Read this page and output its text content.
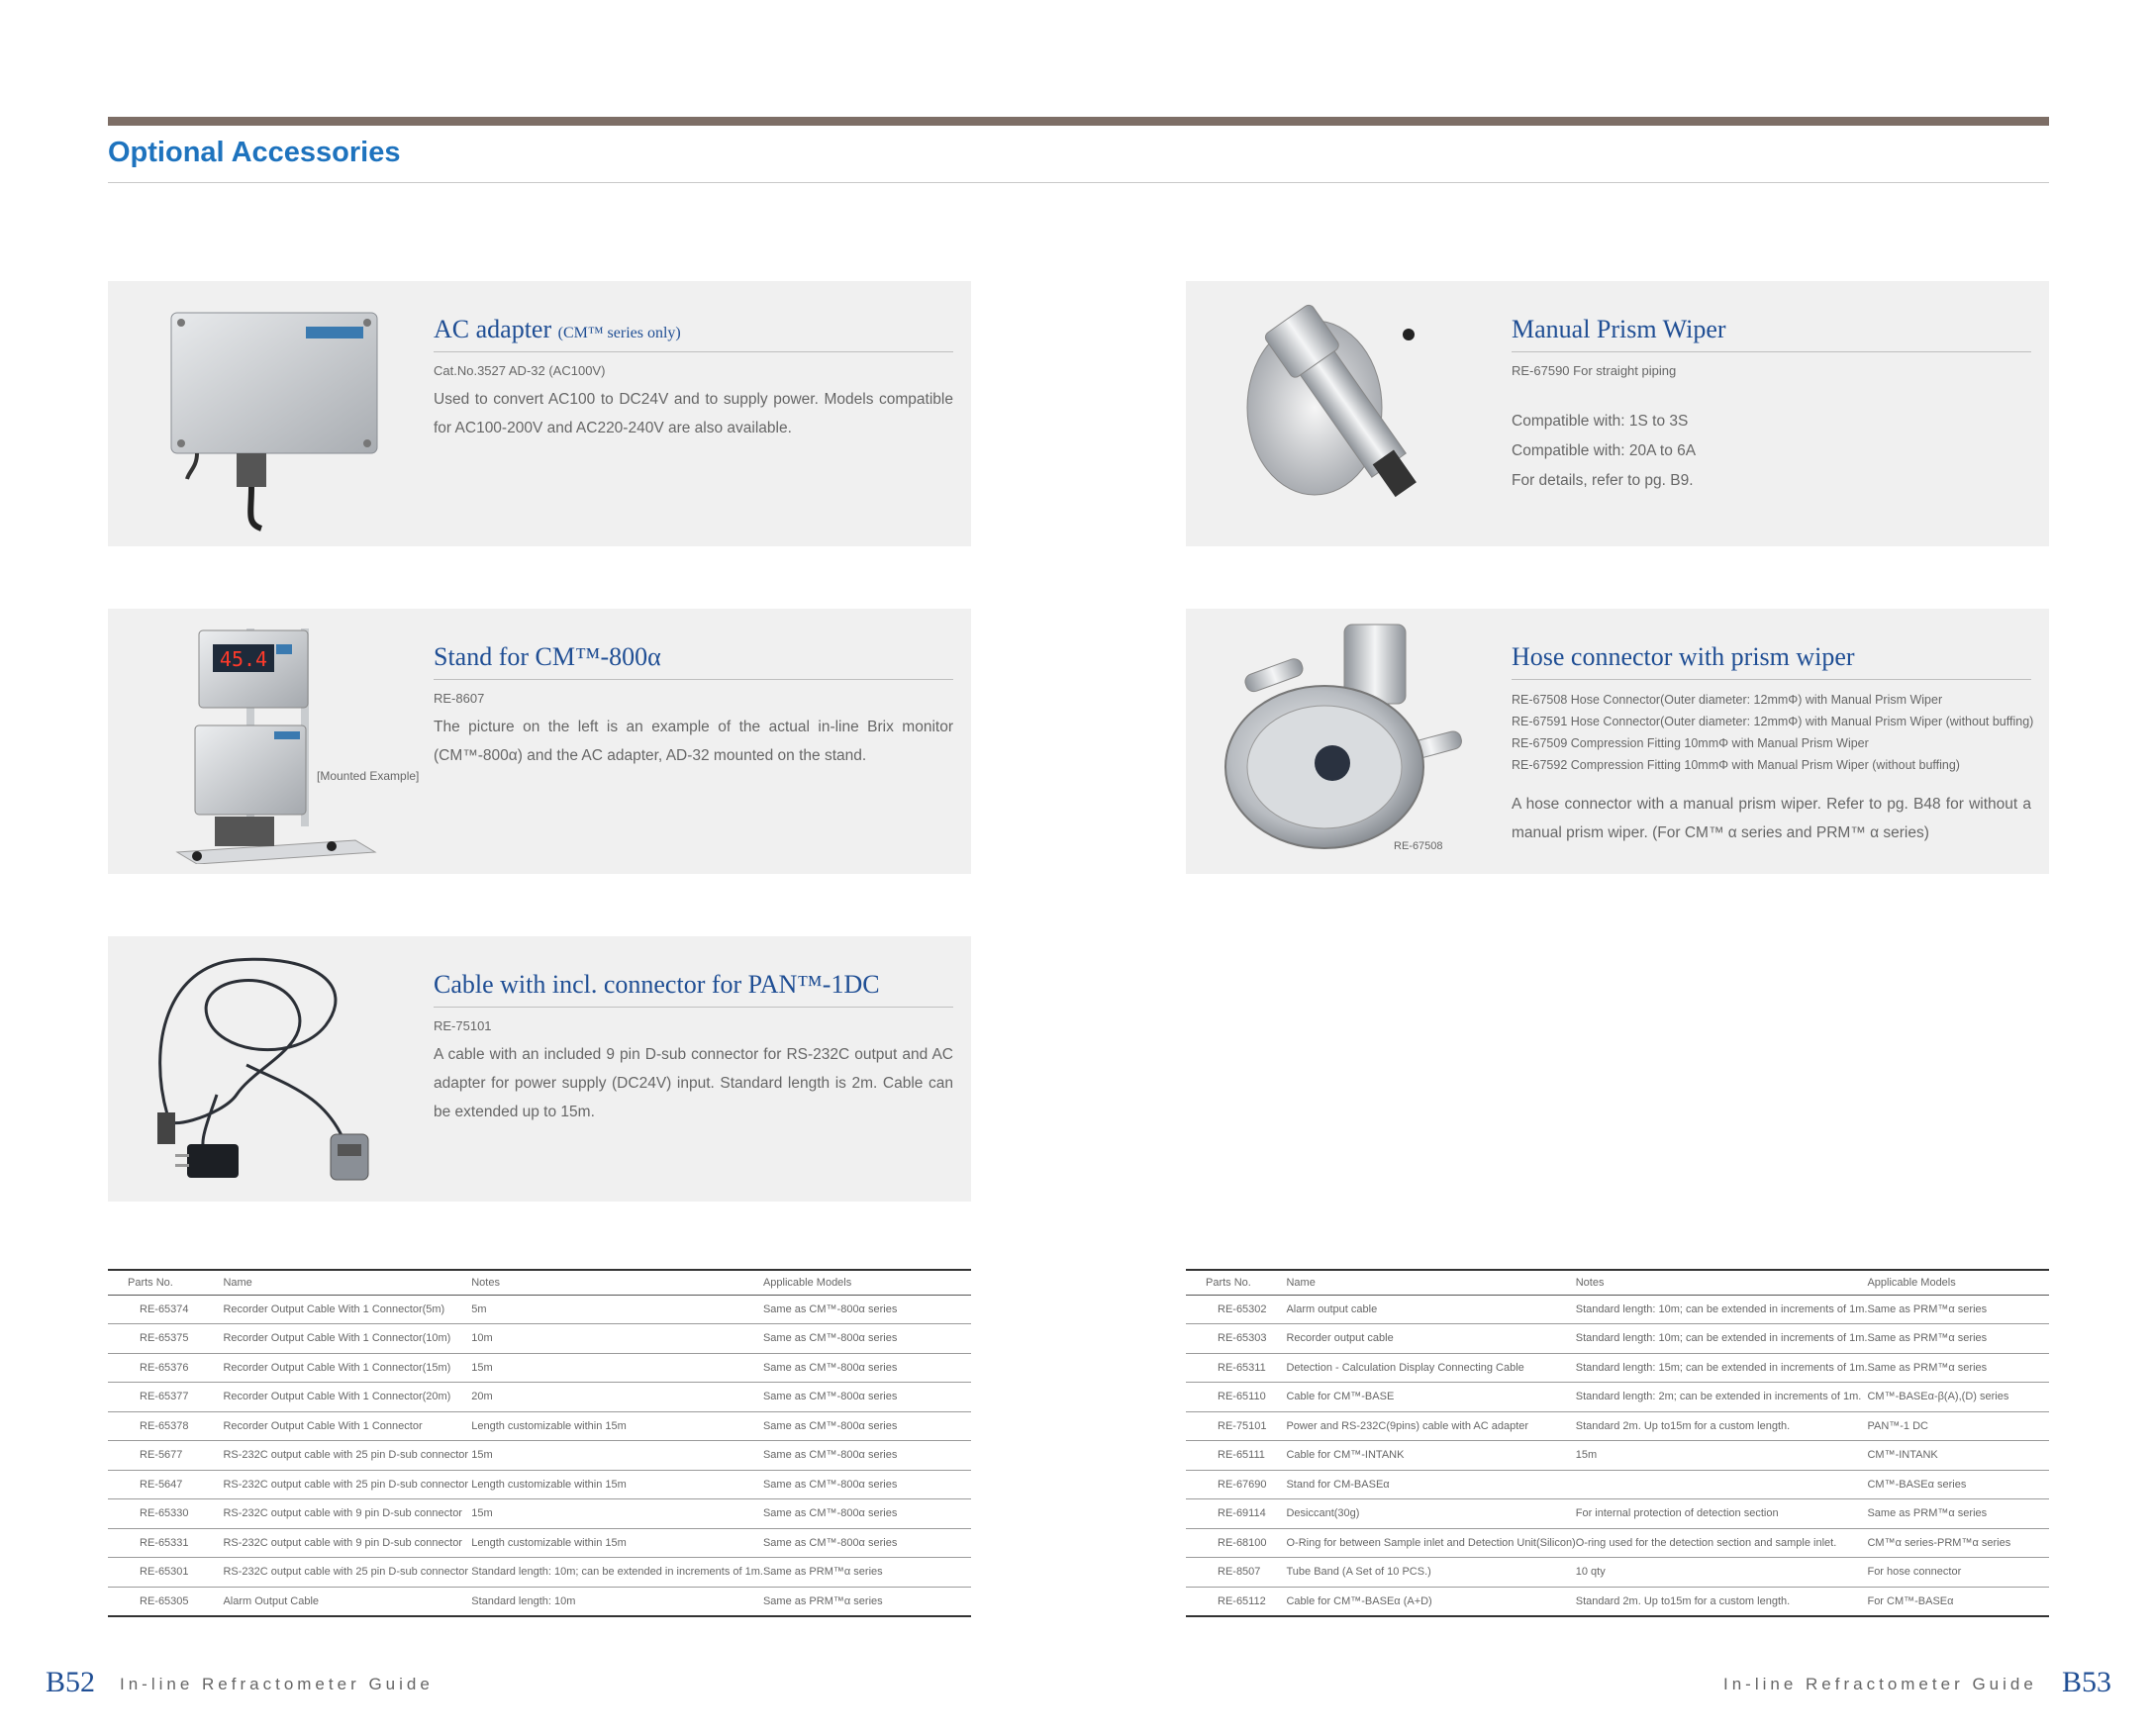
Optional Accessories
AC adapter (CM™ series only)
Cat.No.3527 AD-32 (AC100V)
Used to convert AC100 to DC24V and to supply power. Models compatible for AC100-200V and AC220-240V are also available.
Manual Prism Wiper
RE-67590 For straight piping
Compatible with: 1S to 3S
Compatible with: 20A to 6A
For details, refer to pg. B9.
45.4
[Mounted Example]
Stand for CM™-800α
RE-8607
The picture on the left is an example of the actual in-line Brix monitor (CM™-800α) and the AC adapter, AD-32 mounted on the stand.
RE-67508
Hose connector with prism wiper
RE-67508 Hose Connector(Outer diameter: 12mmΦ) with Manual Prism Wiper
RE-67591 Hose Connector(Outer diameter: 12mmΦ) with Manual Prism Wiper (without buffing)
RE-67509 Compression Fitting 10mmΦ with Manual Prism Wiper
RE-67592 Compression Fitting 10mmΦ with Manual Prism Wiper (without buffing)
A hose connector with a manual prism wiper. Refer to pg. B48 for without a manual prism wiper. (For CM™ α series and PRM™ α series)
Cable with incl. connector for PAN™-1DC
RE-75101
A cable with an included 9 pin D-sub connector for RS-232C output and AC adapter for power supply (DC24V) input. Standard length is 2m. Cable can be extended up to 15m.
Parts No.	Name	Notes	Applicable Models
RE-65374	Recorder Output Cable With 1 Connector(5m)	5m	Same as CM™-800α series
RE-65375	Recorder Output Cable With 1 Connector(10m)	10m	Same as CM™-800α series
RE-65376	Recorder Output Cable With 1 Connector(15m)	15m	Same as CM™-800α series
RE-65377	Recorder Output Cable With 1 Connector(20m)	20m	Same as CM™-800α series
RE-65378	Recorder Output Cable With 1 Connector	Length customizable within 15m	Same as CM™-800α series
RE-5677	RS-232C output cable with 25 pin D-sub connector	15m	Same as CM™-800α series
RE-5647	RS-232C output cable with 25 pin D-sub connector	Length customizable within 15m	Same as CM™-800α series
RE-65330	RS-232C output cable with 9 pin D-sub connector	15m	Same as CM™-800α series
RE-65331	RS-232C output cable with 9 pin D-sub connector	Length customizable within 15m	Same as CM™-800α series
RE-65301	RS-232C output cable with 25 pin D-sub connector	Standard length: 10m; can be extended in increments of 1m.	Same as PRM™α series
RE-65305	Alarm Output Cable	Standard length: 10m	Same as PRM™α series
Parts No.	Name	Notes	Applicable Models
RE-65302	Alarm output cable	Standard length: 10m; can be extended in increments of 1m.	Same as PRM™α series
RE-65303	Recorder output cable	Standard length: 10m; can be extended in increments of 1m.	Same as PRM™α series
RE-65311	Detection - Calculation Display Connecting Cable	Standard length: 15m; can be extended in increments of 1m.	Same as PRM™α series
RE-65110	Cable for CM™-BASE	Standard length: 2m; can be extended in increments of 1m.	CM™-BASEα-β(A),(D) series
RE-75101	Power and RS-232C(9pins) cable with AC adapter	Standard 2m. Up to15m for a custom length.	PAN™-1 DC
RE-65111	Cable for CM™-INTANK	15m	CM™-INTANK
RE-67690	Stand for CM-BASEα		CM™-BASEα series
RE-69114	Desiccant(30g)	For internal protection of detection section	Same as PRM™α series
RE-68100	O-Ring for between Sample inlet and Detection Unit(Silicon)	O-ring used for the detection section and sample inlet.	CM™α series-PRM™α series
RE-8507	Tube Band (A Set of 10 PCS.)	10 qty	For hose connector
RE-65112	Cable for CM™-BASEα (A+D)	Standard 2m. Up to15m for a custom length.	For CM™-BASEα
B52 In-line Refractometer Guide	In-line Refractometer Guide B53
